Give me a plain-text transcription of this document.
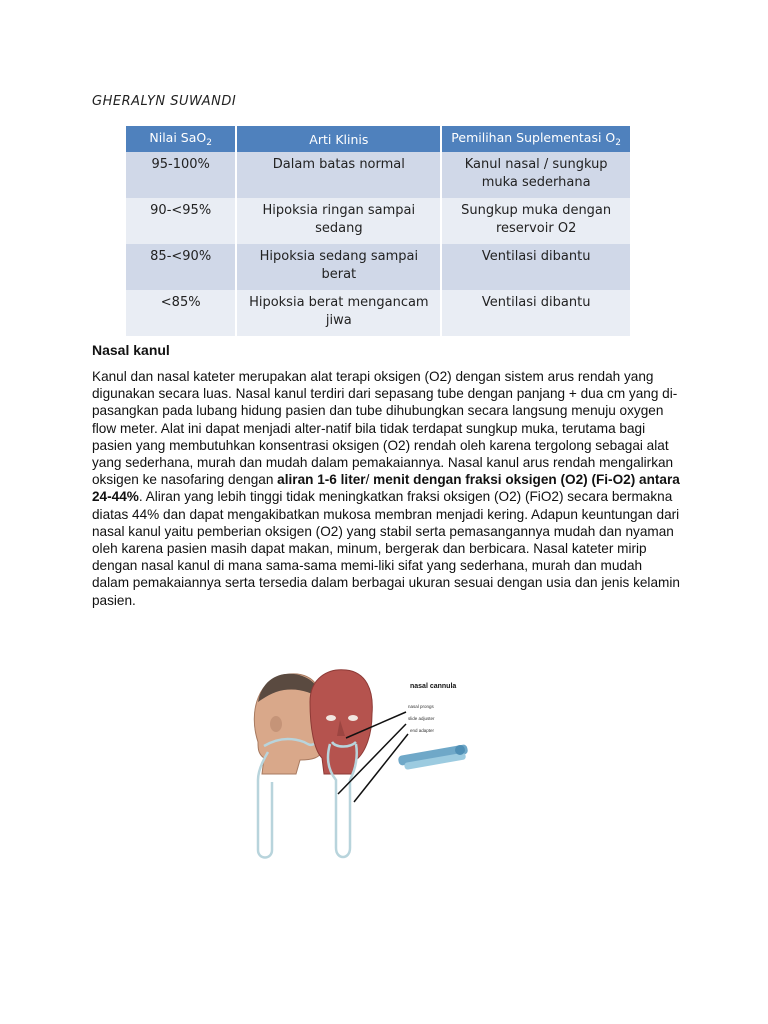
GHERALYN SUWANDI
Nilai SaO$_2$	Arti Klinis	Pemilihan Suplementasi $O_2$
95-100%	Dalam batas normal	Kanul nasal / sungkup muka sederhana
90-<95%	Hipoksia ringan sampai sedang	Sungkup muka dengan reservoir O2
85-<90%	Hipoksia sedang sampai berat	Ventilasi dibantu
<85%	Hipoksia berat mengancam jiwa	Ventilasi dibantu
Nasal kanul

Kanul dan nasal kateter merupakan alat terapi oksigen (O2) dengan sistem arus rendah yang digunakan secara luas. Nasal kanul terdiri dari sepasang tube dengan panjang + dua cm yang di-pasangkan pada lubang hidung pasien dan tube dihubungkan secara langsung menuju oxygen flow meter. Alat ini dapat menjadi alter-natif bila tidak terdapat sungkup muka, terutama bagi pasien yang membutuhkan konsentrasi oksigen (O2) rendah oleh karena tergolong sebagai alat yang sederhana, murah dan mudah dalam pemakaiannya. Nasal kanul arus rendah mengalirkan oksigen ke nasofaring dengan aliran 1-6 liter/ menit dengan fraksi oksigen (O2) (Fi-O2) antara 24-44%. Aliran yang lebih tinggi tidak meningkatkan fraksi oksigen (O2) (FiO2) secara bermakna diatas 44% dan dapat mengakibatkan mukosa membran menjadi kering. Adapun keuntungan dari nasal kanul yaitu pemberian oksigen (O2) yang stabil serta pemasangannya mudah dan nyaman oleh karena pasien masih dapat makan, minum, bergerak dan berbicara. Nasal kateter mirip dengan nasal kanul di mana sama-sama memi-liki sifat yang sederhana, murah dan mudah dalam pemakaiannya serta tersedia dalam berbagai ukuran sesuai dengan usia dan jenis kelamin pasien.

nasal cannula
nasal prongs
slide adjuster
end adapter
